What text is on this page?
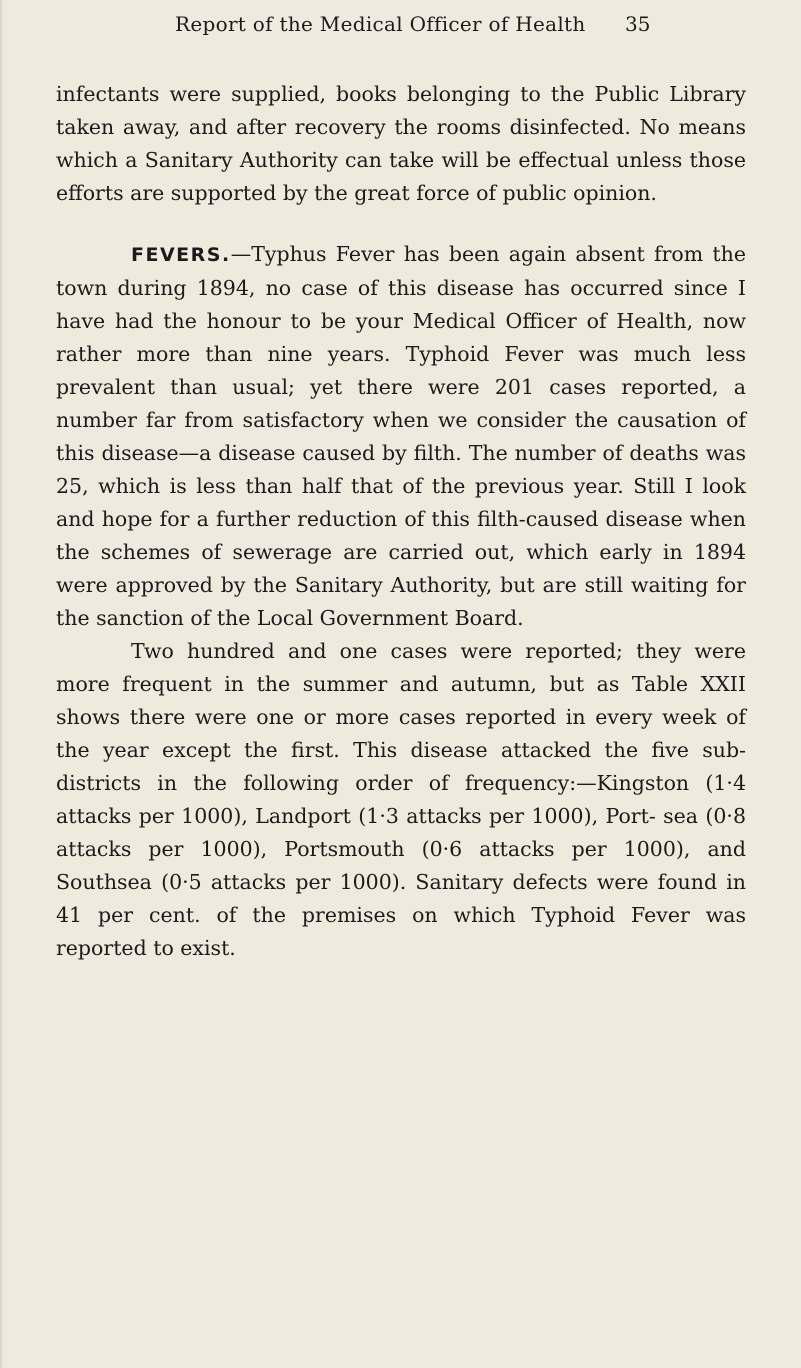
Report of the Medical Officer of Health 35

infectants were supplied, books belonging to the Public Library taken away, and after recovery the rooms disinfected. No means which a Sanitary Authority can take will be effectual unless those efforts are supported by the great force of public opinion.

FEVERS.—Typhus Fever has been again absent from the town during 1894, no case of this disease has occurred since I have had the honour to be your Medical Officer of Health, now rather more than nine years. Typhoid Fever was much less prevalent than usual; yet there were 201 cases reported, a number far from satisfactory when we consider the causation of this disease—a disease caused by filth. The number of deaths was 25, which is less than half that of the previous year. Still I look and hope for a further reduction of this filth-caused disease when the schemes of sewerage are carried out, which early in 1894 were approved by the Sanitary Authority, but are still waiting for the sanction of the Local Government Board.

Two hundred and one cases were reported; they were more frequent in the summer and autumn, but as Table XXII shows there were one or more cases reported in every week of the year except the first. This disease attacked the five sub-districts in the following order of frequency:—Kingston (1·4 attacks per 1000), Landport (1·3 attacks per 1000), Port- sea (0·8 attacks per 1000), Portsmouth (0·6 attacks per 1000), and Southsea (0·5 attacks per 1000). Sanitary defects were found in 41 per cent. of the premises on which Typhoid Fever was reported to exist.
